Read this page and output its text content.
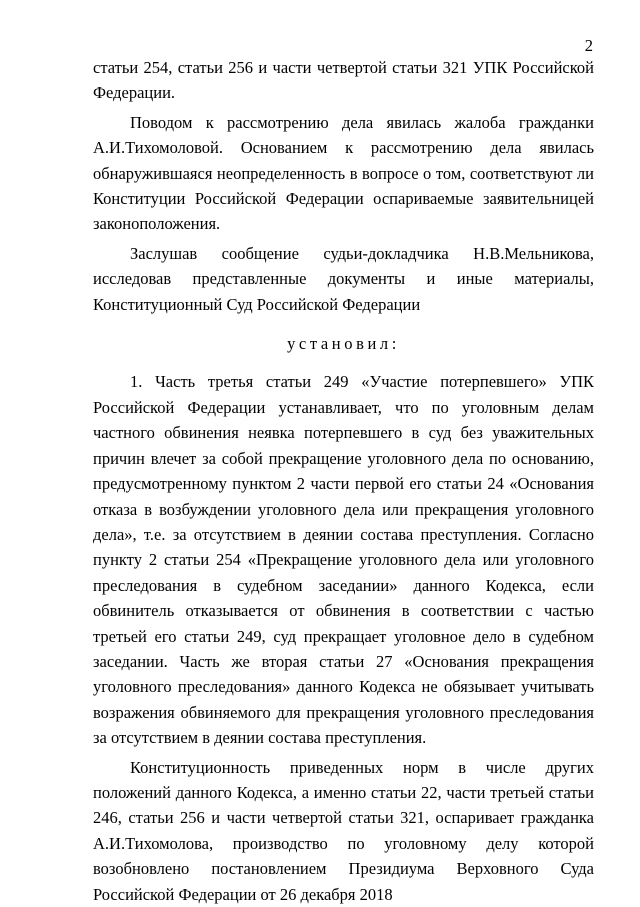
2

статьи 254, статьи 256 и части четвертой статьи 321 УПК Российской Федерации.

Поводом к рассмотрению дела явилась жалоба гражданки А.И.Тихомоловой. Основанием к рассмотрению дела явилась обнаружившаяся неопределенность в вопросе о том, соответствуют ли Конституции Российской Федерации оспариваемые заявительницей законоположения.

Заслушав сообщение судьи-докладчика Н.В.Мельникова, исследовав представленные документы и иные материалы, Конституционный Суд Российской Федерации

установил:

1. Часть третья статьи 249 «Участие потерпевшего» УПК Российской Федерации устанавливает, что по уголовным делам частного обвинения неявка потерпевшего в суд без уважительных причин влечет за собой прекращение уголовного дела по основанию, предусмотренному пунктом 2 части первой его статьи 24 «Основания отказа в возбуждении уголовного дела или прекращения уголовного дела», т.е. за отсутствием в деянии состава преступления. Согласно пункту 2 статьи 254 «Прекращение уголовного дела или уголовного преследования в судебном заседании» данного Кодекса, если обвинитель отказывается от обвинения в соответствии с частью третьей его статьи 249, суд прекращает уголовное дело в судебном заседании. Часть же вторая статьи 27 «Основания прекращения уголовного преследования» данного Кодекса не обязывает учитывать возражения обвиняемого для прекращения уголовного преследования за отсутствием в деянии состава преступления.

Конституционность приведенных норм в числе других положений данного Кодекса, а именно статьи 22, части третьей статьи 246, статьи 256 и части четвертой статьи 321, оспаривает гражданка А.И.Тихомолова, производство по уголовному делу которой возобновлено постановлением Президиума Верховного Суда Российской Федерации от 26 декабря 2018
